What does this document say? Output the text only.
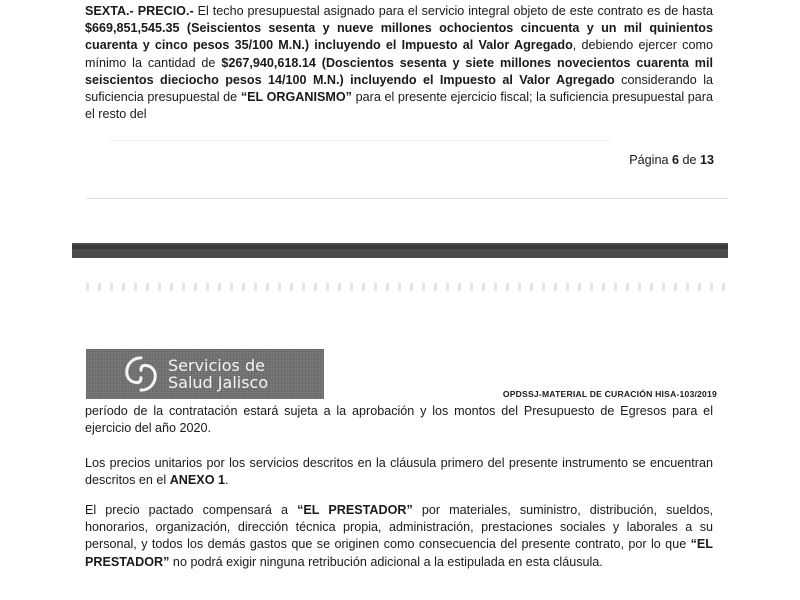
SEXTA.- PRECIO.- El techo presupuestal asignado para el servicio integral objeto de este contrato es de hasta $669,851,545.35 (Seiscientos sesenta y nueve millones ochocientos cincuenta y un mil quinientos cuarenta y cinco pesos 35/100 M.N.) incluyendo el Impuesto al Valor Agregado, debiendo ejercer como mínimo la cantidad de $267,940,618.14 (Doscientos sesenta y siete millones novecientos cuarenta mil seiscientos dieciocho pesos 14/100 M.N.) incluyendo el Impuesto al Valor Agregado considerando la suficiencia presupuestal de “EL ORGANISMO” para el presente ejercicio fiscal; la suficiencia presupuestal para el resto del

Página 6 de 13
Servicios de
Salud Jalisco
OPDSSJ-MATERIAL DE CURACIÓN HISA-103/2019

período de la contratación estará sujeta a la aprobación y los montos del Presupuesto de Egresos para el ejercicio del año 2020.

Los precios unitarios por los servicios descritos en la cláusula primero del presente instrumento se encuentran descritos en el ANEXO 1.

El precio pactado compensará a “EL PRESTADOR” por materiales, suministro, distribución, sueldos, honorarios, organización, dirección técnica propia, administración, prestaciones sociales y laborales a su personal, y todos los demás gastos que se originen como consecuencia del presente contrato, por lo que “EL PRESTADOR” no podrá exigir ninguna retribución adicional a la estipulada en esta cláusula.
